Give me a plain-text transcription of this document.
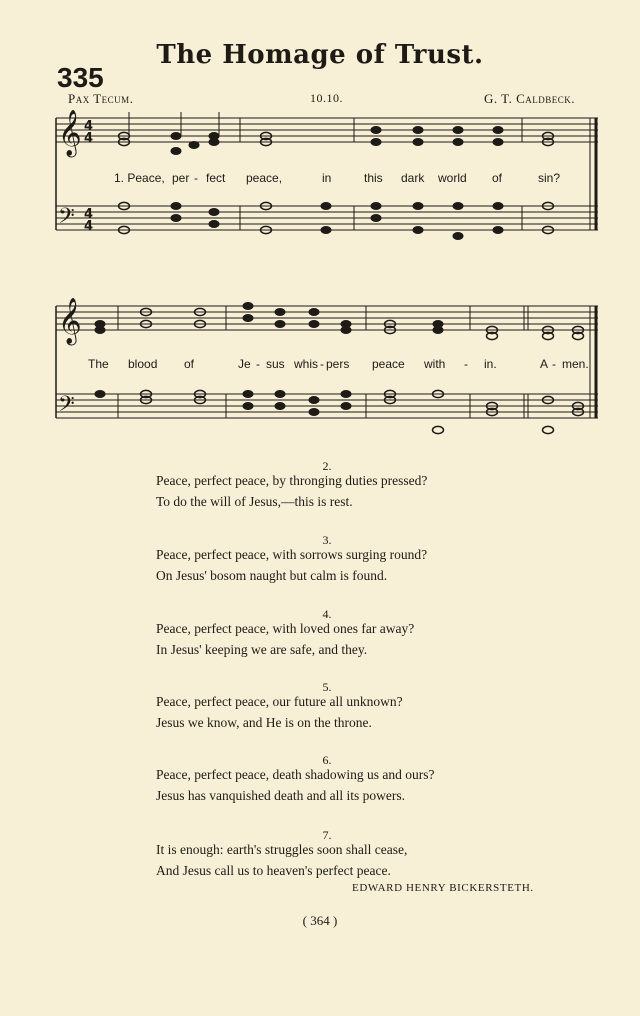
The Homage of Trust.
335
Pax Tecum.	10.10.	G. T. Caldbeck.
𝄞
𝄢
4
4
4
4
𝄞
𝄢
1. Peace, per - fect peace,	in	this dark world of	sin?
The blood of	Je - sus whis - pers peace with - in.	A - men.
2.
Peace, perfect peace, by thronging duties pressed?
To do the will of Jesus,—this is rest.
3.
Peace, perfect peace, with sorrows surging round?
On Jesus' bosom naught but calm is found.
4.
Peace, perfect peace, with loved ones far away?
In Jesus' keeping we are safe, and they.
5.
Peace, perfect peace, our future all unknown?
Jesus we know, and He is on the throne.
6.
Peace, perfect peace, death shadowing us and ours?
Jesus has vanquished death and all its powers.
7.
It is enough: earth's struggles soon shall cease,
And Jesus call us to heaven's perfect peace.
EDWARD HENRY BICKERSTETH.
( 364 )
